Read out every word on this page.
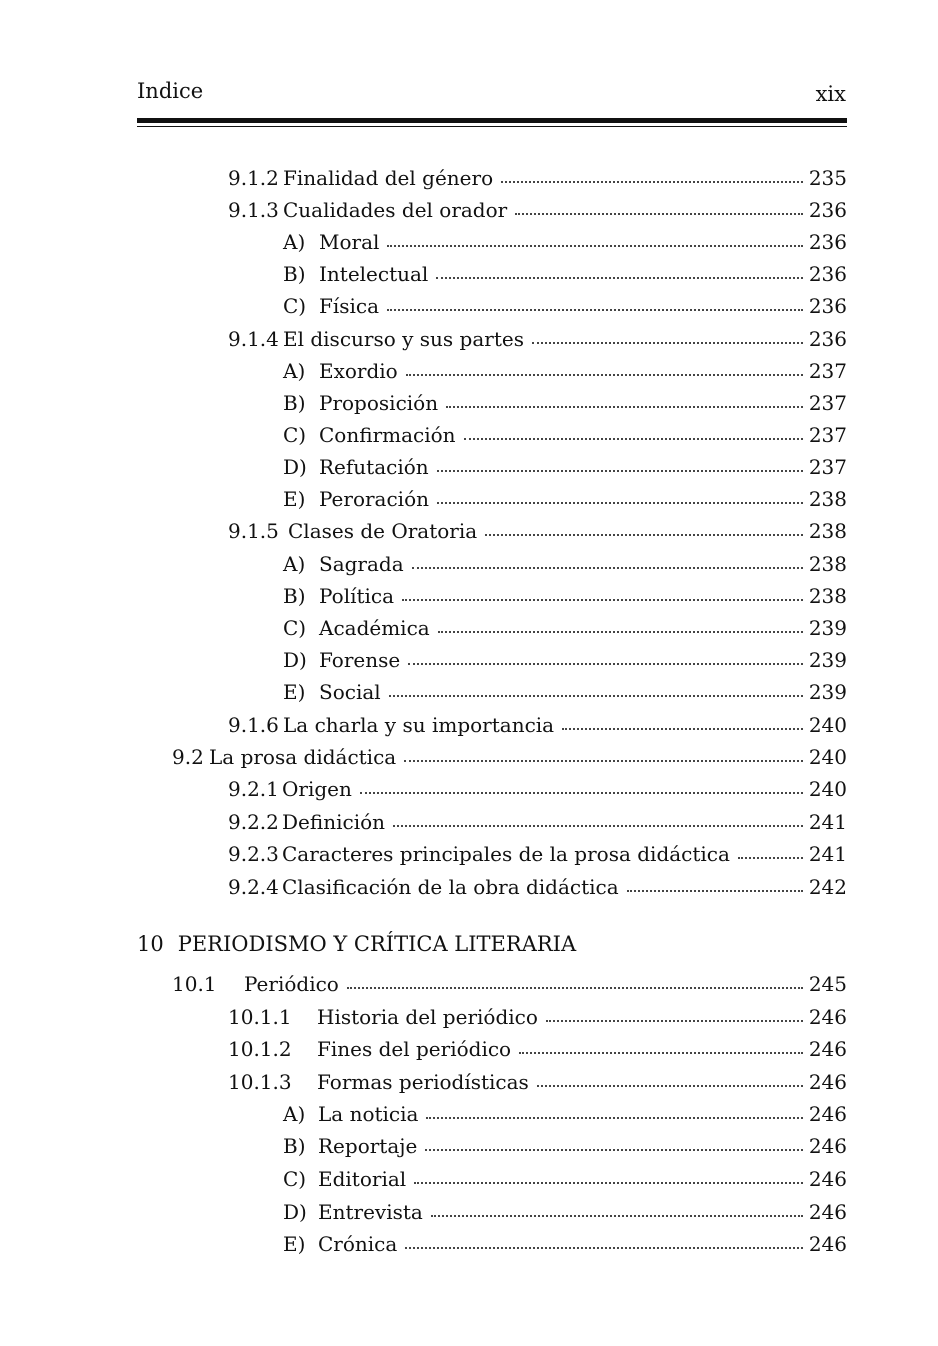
Indice	xix
10 PERIODISMO Y CRÍTICA LITERARIA
9.1.2 Finalidad del género	235
9.1.3 Cualidades del orador	236
A) Moral	236
B) Intelectual	236
C) Física	236
9.1.4 El discurso y sus partes	236
A) Exordio	237
B) Proposición	237
C) Confirmación	237
D) Refutación	237
E) Peroración	238
9.1.5 Clases de Oratoria	238
A) Sagrada	238
B) Política	238
C) Académica	239
D) Forense	239
E) Social	239
9.1.6 La charla y su importancia	240
9.2 La prosa didáctica	240
9.2.1 Origen	240
9.2.2 Definición	241
9.2.3 Caracteres principales de la prosa didáctica	241
9.2.4 Clasificación de la obra didáctica	242
10.1	Periódico	245
10.1.1	Historia del periódico	246
10.1.2	Fines del periódico	246
10.1.3	Formas periodísticas	246
A) La noticia	246
B) Reportaje	246
C) Editorial	246
D) Entrevista	246
E) Crónica	246
